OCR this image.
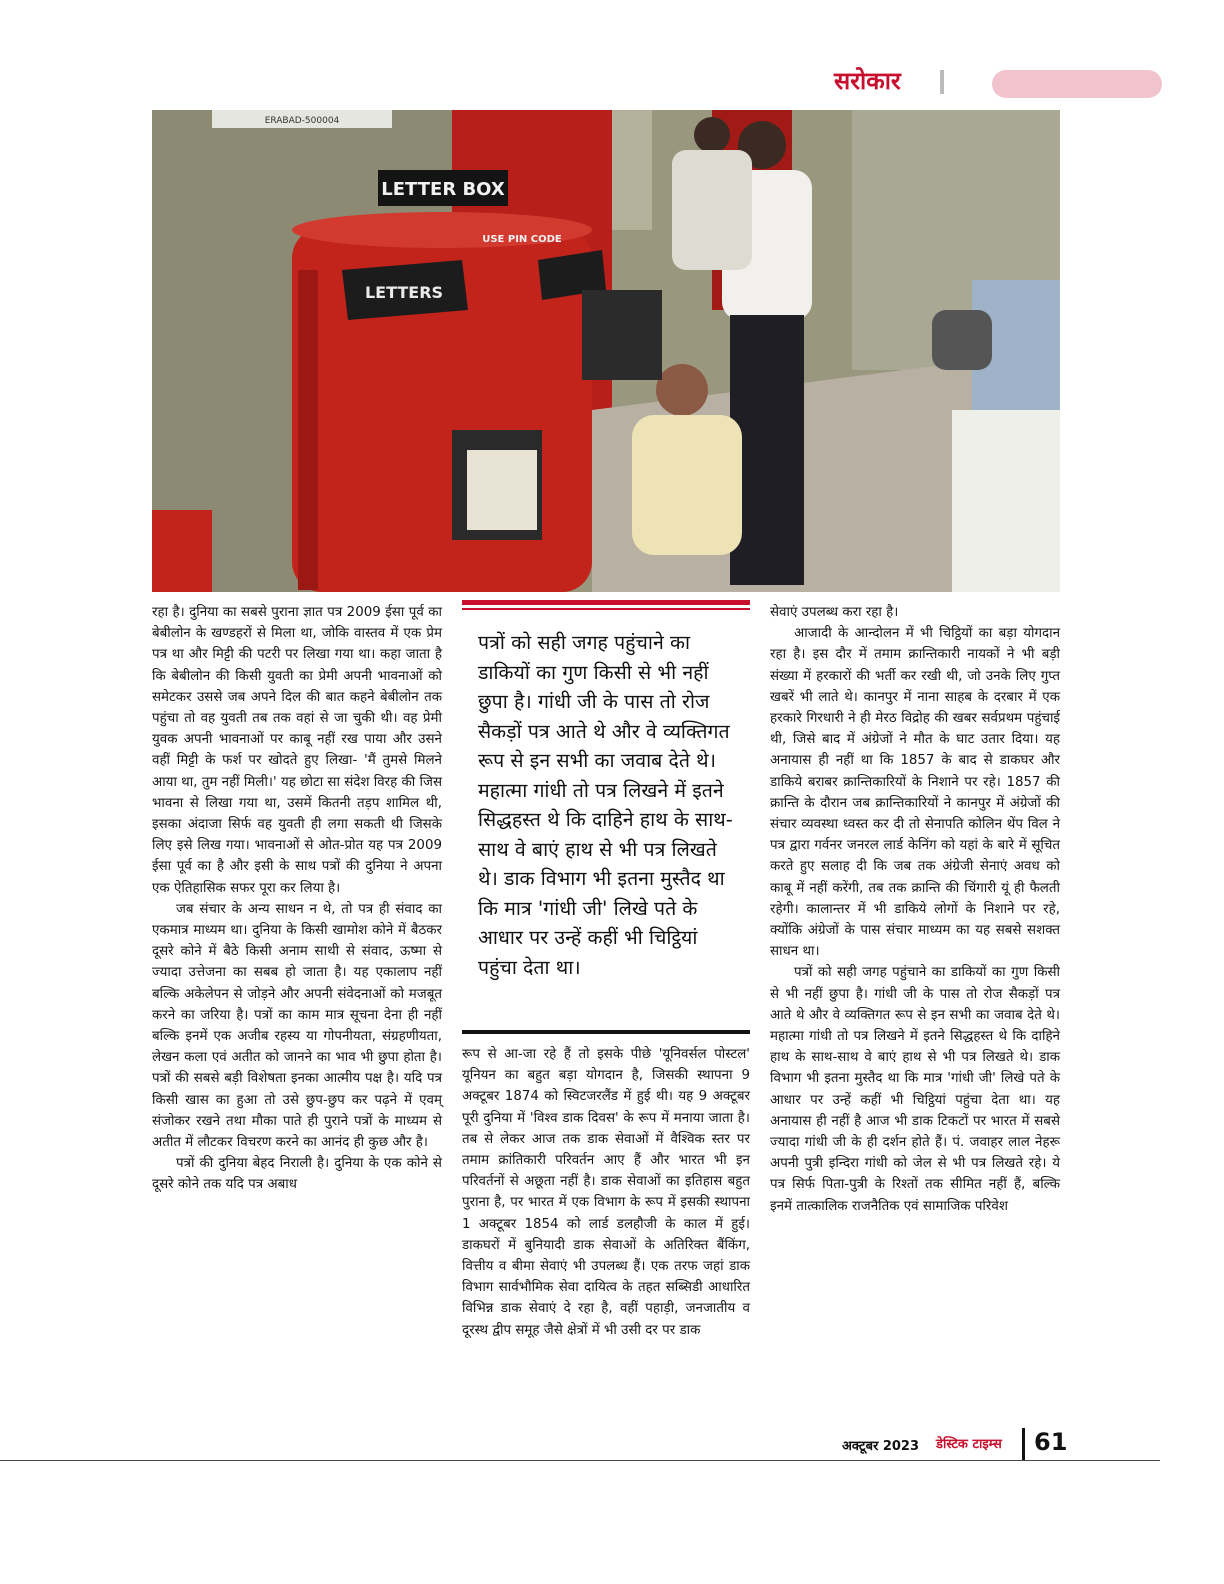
सरोकार
LETTER BOX
USE PIN CODE
LETTERS
ERABAD-500004

रहा है। दुनिया का सबसे पुराना ज्ञात पत्र 2009 ईसा पूर्व का बेबीलोन के खण्डहरों से मिला था, जोकि वास्तव में एक प्रेम पत्र था और मिट्टी की पटरी पर लिखा गया था। कहा जाता है कि बेबीलोन की किसी युवती का प्रेमी अपनी भावनाओं को समेटकर उससे जब अपने दिल की बात कहने बेबीलोन तक पहुंचा तो वह युवती तब तक वहां से जा चुकी थी। वह प्रेमी युवक अपनी भावनाओं पर काबू नहीं रख पाया और उसने वहीं मिट्टी के फर्श पर खोदते हुए लिखा- 'मैं तुमसे मिलने आया था, तुम नहीं मिली।' यह छोटा सा संदेश विरह की जिस भावना से लिखा गया था, उसमें कितनी तड़प शामिल थी, इसका अंदाजा सिर्फ वह युवती ही लगा सकती थी जिसके लिए इसे लिख गया। भावनाओं से ओत-प्रोत यह पत्र 2009 ईसा पूर्व का है और इसी के साथ पत्रों की दुनिया ने अपना एक ऐतिहासिक सफर पूरा कर लिया है।

जब संचार के अन्य साधन न थे, तो पत्र ही संवाद का एकमात्र माध्यम था। दुनिया के किसी खामोश कोने में बैठकर दूसरे कोने में बैठे किसी अनाम साथी से संवाद, ऊष्मा से ज्यादा उत्तेजना का सबब हो जाता है। यह एकालाप नहीं बल्कि अकेलेपन से जोड़ने और अपनी संवेदनाओं को मजबूत करने का जरिया है। पत्रों का काम मात्र सूचना देना ही नहीं बल्कि इनमें एक अजीब रहस्य या गोपनीयता, संग्रहणीयता, लेखन कला एवं अतीत को जानने का भाव भी छुपा होता है। पत्रों की सबसे बड़ी विशेषता इनका आत्मीय पक्ष है। यदि पत्र किसी खास का हुआ तो उसे छुप-छुप कर पढ़ने में एवम् संजोकर रखने तथा मौका पाते ही पुराने पत्रों के माध्यम से अतीत में लौटकर विचरण करने का आनंद ही कुछ और है।

पत्रों की दुनिया बेहद निराली है। दुनिया के एक कोने से दूसरे कोने तक यदि पत्र अबाध

पत्रों को सही जगह पहुंचाने का डाकियों का गुण किसी से भी नहीं छुपा है। गांधी जी के पास तो रोज सैकड़ों पत्र आते थे और वे व्यक्तिगत रूप से इन सभी का जवाब देते थे। महात्मा गांधी तो पत्र लिखने में इतने सिद्धहस्त थे कि दाहिने हाथ के साथ-साथ वे बाएं हाथ से भी पत्र लिखते थे। डाक विभाग भी इतना मुस्तैद था कि मात्र 'गांधी जी' लिखे पते के आधार पर उन्हें कहीं भी चिट्ठियां पहुंचा देता था।

रूप से आ-जा रहे हैं तो इसके पीछे 'यूनिवर्सल पोस्टल' यूनियन का बहुत बड़ा योगदान है, जिसकी स्थापना 9 अक्टूबर 1874 को स्विटजरलैंड में हुई थी। यह 9 अक्टूबर पूरी दुनिया में 'विश्व डाक दिवस' के रूप में मनाया जाता है। तब से लेकर आज तक डाक सेवाओं में वैश्विक स्तर पर तमाम क्रांतिकारी परिवर्तन आए हैं और भारत भी इन परिवर्तनों से अछूता नहीं है। डाक सेवाओं का इतिहास बहुत पुराना है, पर भारत में एक विभाग के रूप में इसकी स्थापना 1 अक्टूबर 1854 को लार्ड डलहौजी के काल में हुई। डाकघरों में बुनियादी डाक सेवाओं के अतिरिक्त बैंकिंग, वित्तीय व बीमा सेवाएं भी उपलब्ध हैं। एक तरफ जहां डाक विभाग सार्वभौमिक सेवा दायित्व के तहत सब्सिडी आधारित विभिन्न डाक सेवाएं दे रहा है, वहीं पहाड़ी, जनजातीय व दूरस्थ द्वीप समूह जैसे क्षेत्रों में भी उसी दर पर डाक

सेवाएं उपलब्ध करा रहा है।

आजादी के आन्दोलन में भी चिट्ठियों का बड़ा योगदान रहा है। इस दौर में तमाम क्रान्तिकारी नायकों ने भी बड़ी संख्या में हरकारों की भर्ती कर रखी थी, जो उनके लिए गुप्त खबरें भी लाते थे। कानपुर में नाना साहब के दरबार में एक हरकारे गिरधारी ने ही मेरठ विद्रोह की खबर सर्वप्रथम पहुंचाई थी, जिसे बाद में अंग्रेजों ने मौत के घाट उतार दिया। यह अनायास ही नहीं था कि 1857 के बाद से डाकघर और डाकिये बराबर क्रान्तिकारियों के निशाने पर रहे। 1857 की क्रान्ति के दौरान जब क्रान्तिकारियों ने कानपुर में अंग्रेजों की संचार व्यवस्था ध्वस्त कर दी तो सेनापति कोलिन थेंप विल ने पत्र द्वारा गर्वनर जनरल लार्ड केनिंग को यहां के बारे में सूचित करते हुए सलाह दी कि जब तक अंग्रेजी सेनाएं अवध को काबू में नहीं करेंगी, तब तक क्रान्ति की चिंगारी यूं ही फैलती रहेगी। कालान्तर में भी डाकिये लोगों के निशाने पर रहे, क्योंकि अंग्रेजों के पास संचार माध्यम का यह सबसे सशक्त साधन था।

पत्रों को सही जगह पहुंचाने का डाकियों का गुण किसी से भी नहीं छुपा है। गांधी जी के पास तो रोज सैकड़ों पत्र आते थे और वे व्यक्तिगत रूप से इन सभी का जवाब देते थे। महात्मा गांधी तो पत्र लिखने में इतने सिद्धहस्त थे कि दाहिने हाथ के साथ-साथ वे बाएं हाथ से भी पत्र लिखते थे। डाक विभाग भी इतना मुस्तैद था कि मात्र 'गांधी जी' लिखे पते के आधार पर उन्हें कहीं भी चिट्ठियां पहुंचा देता था। यह अनायास ही नहीं है आज भी डाक टिकटों पर भारत में सबसे ज्यादा गांधी जी के ही दर्शन होते हैं। पं. जवाहर लाल नेहरू अपनी पुत्री इन्दिरा गांधी को जेल से भी पत्र लिखते रहे। ये पत्र सिर्फ पिता-पुत्री के रिश्तों तक सीमित नहीं हैं, बल्कि इनमें तात्कालिक राजनैतिक एवं सामाजिक परिवेश

अक्टूबर 2023 डेस्टिक टाइम्स 61
